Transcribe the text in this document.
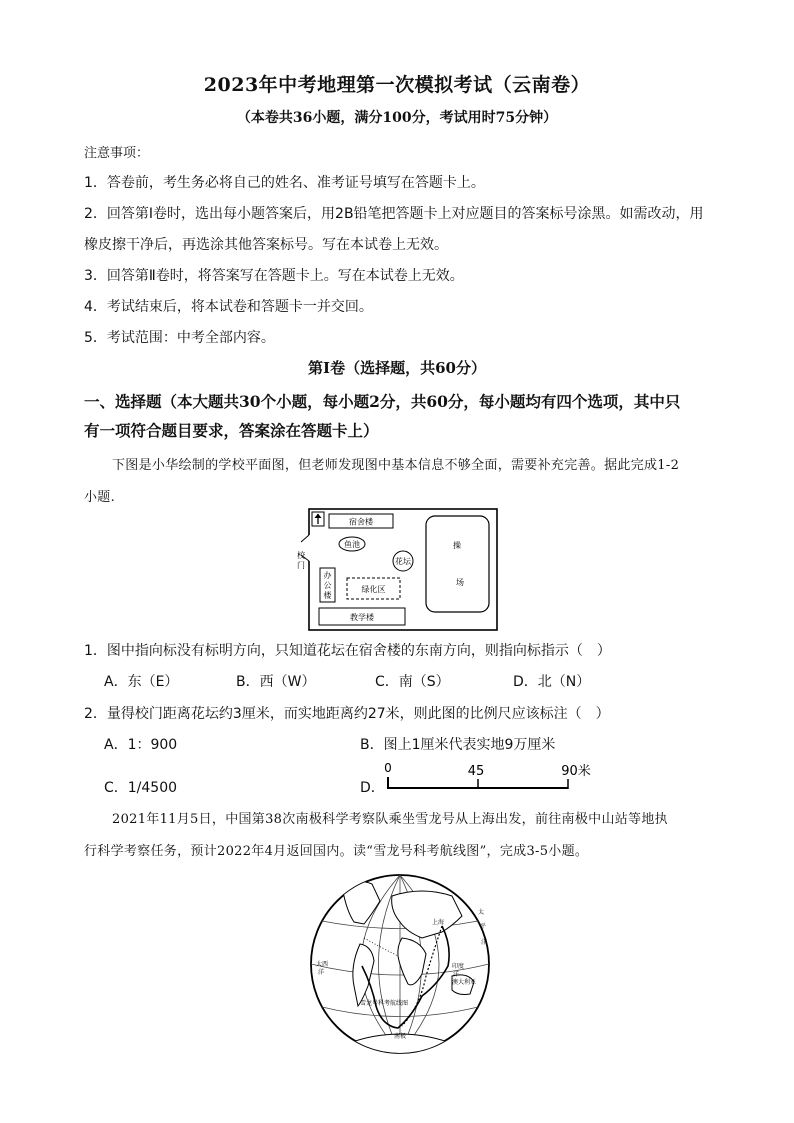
2023年中考地理第一次模拟考试（云南卷）
（本卷共36小题，满分100分，考试用时75分钟）
注意事项：
1．答卷前，考生务必将自己的姓名、准考证号填写在答题卡上。
2．回答第Ⅰ卷时，选出每小题答案后，用2B铅笔把答题卡上对应题目的答案标号涂黑。如需改动，用
橡皮擦干净后，再选涂其他答案标号。写在本试卷上无效。
3．回答第Ⅱ卷时，将答案写在答题卡上。写在本试卷上无效。
4．考试结束后，将本试卷和答题卡一并交回。
5．考试范围：中考全部内容。
第Ⅰ卷（选择题，共60分）
一、选择题（本大题共30个小题，每小题2分，共60分，每小题均有四个选项，其中只
有一项符合题目要求，答案涂在答题卡上）
下图是小华绘制的学校平面图，但老师发现图中基本信息不够全面，需要补充完善。据此完成1-2
小题.
宿舍楼
鱼池
花坛
操
场
校
门
办
公
楼
绿化区
教学楼
1．图中指向标没有标明方向，只知道花坛在宿舍楼的东南方向，则指向标指示（　）
A．东（E）	B．西（W）	C．南（S）	D．北（N）
2．量得校门距离花坛约3厘米，而实地距离约27米，则此图的比例尺应该标注（　）
A．1：900	B．图上1厘米代表实地9万厘米
C．1/4500	D．
0	45	90米
2021年11月5日，中国第38次南极科学考察队乘坐雪龙号从上海出发，前往南极中山站等地执
行科学考察任务，预计2022年4月返回国内。读“雪龙号科考航线图”，完成3-5小题。
上海
太
平
洋
大西
洋
印度
洋
澳大利亚
雪龙号科考航线图
南极
